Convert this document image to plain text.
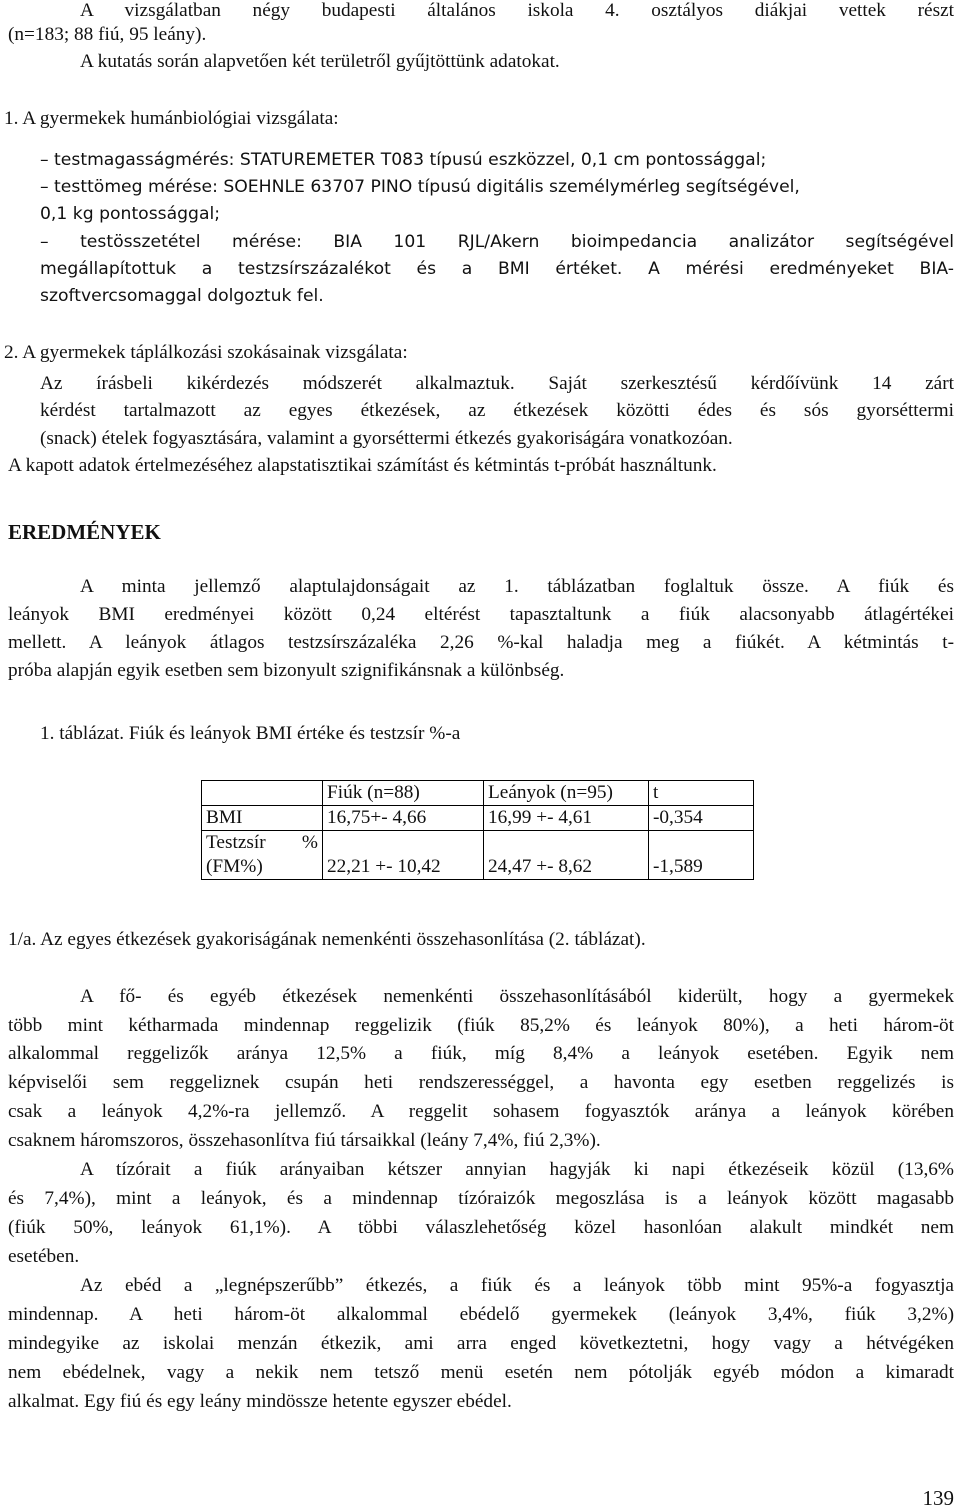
A vizsgálatban négy budapesti általános iskola 4. osztályos diákjai vettek részt
(n=183; 88 fiú, 95 leány).
A kutatás során alapvetően két területről gyűjtöttünk adatokat.
1. A gyermekek humánbiológiai vizsgálata:
– testmagasságmérés: STATUREMETER T083 típusú eszközzel, 0,1 cm pontossággal;
– testtömeg mérése: SOEHNLE 63707 PINO típusú digitális személymérleg segítségével,
0,1 kg pontossággal;
– testösszetétel mérése: BIA 101 RJL/Akern bioimpedancia analizátor segítségével
megállapítottuk a testzsírszázalékot és a BMI értéket. A mérési eredményeket BIA-
szoftvercsomaggal dolgoztuk fel.
2. A gyermekek táplálkozási szokásainak vizsgálata:
Az írásbeli kikérdezés módszerét alkalmaztuk. Saját szerkesztésű kérdőívünk 14 zárt
kérdést tartalmazott az egyes étkezések, az étkezések közötti édes és sós gyorséttermi
(snack) ételek fogyasztására, valamint a gyorséttermi étkezés gyakoriságára vonatkozóan.
A kapott adatok értelmezéséhez alapstatisztikai számítást és kétmintás t-próbát használtunk.
EREDMÉNYEK
A minta jellemző alaptulajdonságait az 1. táblázatban foglaltuk össze. A fiúk és
leányok BMI eredményei között 0,24 eltérést tapasztaltunk a fiúk alacsonyabb átlagértékei
mellett. A leányok átlagos testzsírszázaléka 2,26 %-kal haladja meg a fiúkét. A kétmintás t-
próba alapján egyik esetben sem bizonyult szignifikánsnak a különbség.
1. táblázat. Fiúk és leányok BMI értéke és testzsír %-a
	Fiúk (n=88)	Leányok (n=95)	t
BMI	16,75+- 4,66	16,99 +- 4,61	-0,354

Testzsír %
(FM%)	22,21 +- 10,42	24,47 +- 8,62	-1,589
1/a. Az egyes étkezések gyakoriságának nemenkénti összehasonlítása (2. táblázat).
A fő- és egyéb étkezések nemenkénti összehasonlításából kiderült, hogy a gyermekek
több mint kétharmada mindennap reggelizik (fiúk 85,2% és leányok 80%), a heti három-öt
alkalommal reggelizők aránya 12,5% a fiúk, míg 8,4% a leányok esetében. Egyik nem
képviselői sem reggeliznek csupán heti rendszerességgel, a havonta egy esetben reggelizés is
csak a leányok 4,2%-ra jellemző. A reggelit sohasem fogyasztók aránya a leányok körében
csaknem háromszoros, összehasonlítva fiú társaikkal (leány 7,4%, fiú 2,3%).
A tízórait a fiúk arányaiban kétszer annyian hagyják ki napi étkezéseik közül (13,6%
és 7,4%), mint a leányok, és a mindennap tízóraizók megoszlása is a leányok között magasabb
(fiúk 50%, leányok 61,1%). A többi válaszlehetőség közel hasonlóan alakult mindkét nem
esetében.
Az ebéd a „legnépszerűbb” étkezés, a fiúk és a leányok több mint 95%-a fogyasztja
mindennap. A heti három-öt alkalommal ebédelő gyermekek (leányok 3,4%, fiúk 3,2%)
mindegyike az iskolai menzán étkezik, ami arra enged következtetni, hogy vagy a hétvégéken
nem ebédelnek, vagy a nekik nem tetsző menü esetén nem pótolják egyéb módon a kimaradt
alkalmat. Egy fiú és egy leány mindössze hetente egyszer ebédel.
139
